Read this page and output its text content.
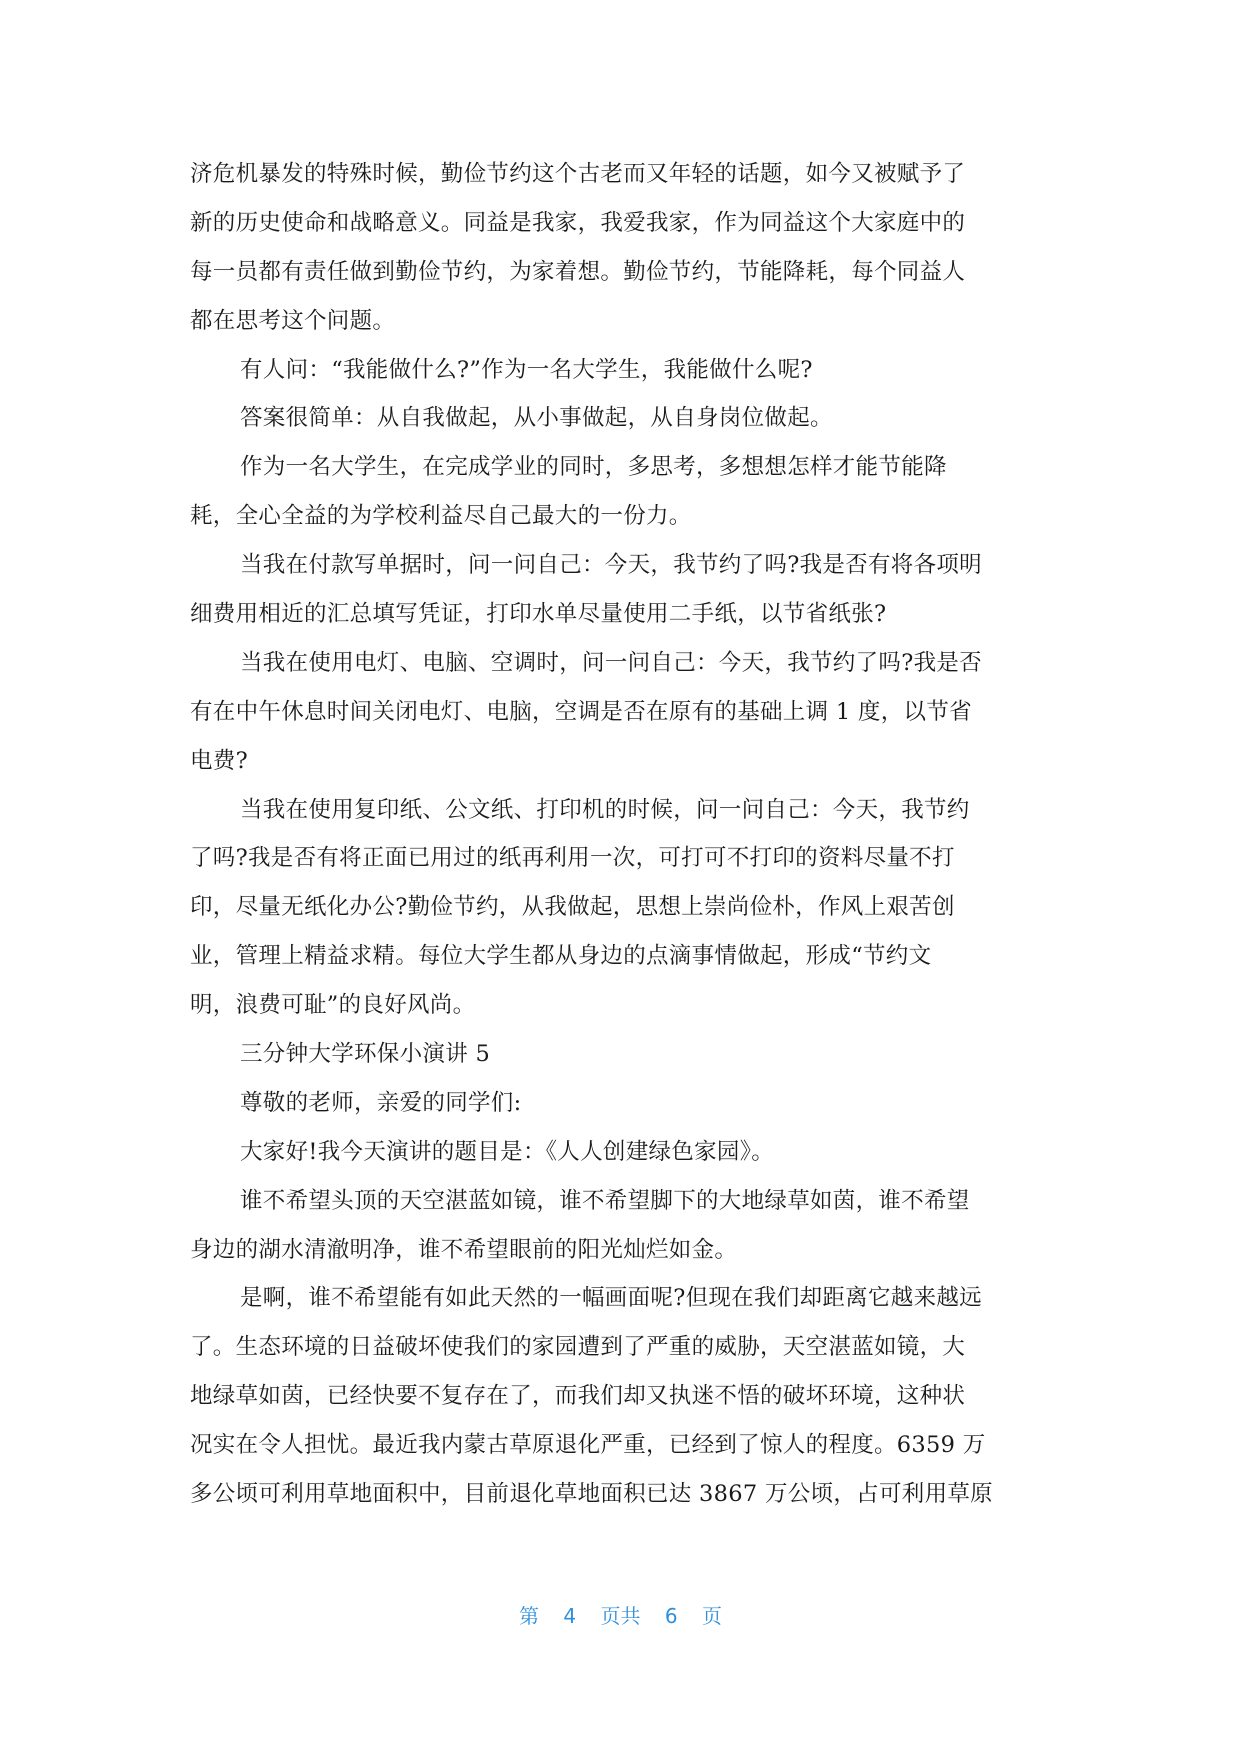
济危机暴发的特殊时候，勤俭节约这个古老而又年轻的话题，如今又被赋予了
新的历史使命和战略意义。同益是我家，我爱我家，作为同益这个大家庭中的
每一员都有责任做到勤俭节约，为家着想。勤俭节约，节能降耗，每个同益人
都在思考这个问题。
有人问：“我能做什么?”作为一名大学生，我能做什么呢?
答案很简单：从自我做起，从小事做起，从自身岗位做起。
作为一名大学生，在完成学业的同时，多思考，多想想怎样才能节能降
耗，全心全益的为学校利益尽自己最大的一份力。
当我在付款写单据时，问一问自己：今天，我节约了吗?我是否有将各项明
细费用相近的汇总填写凭证，打印水单尽量使用二手纸，以节省纸张?
当我在使用电灯、电脑、空调时，问一问自己：今天，我节约了吗?我是否
有在中午休息时间关闭电灯、电脑，空调是否在原有的基础上调 1 度，以节省
电费?
当我在使用复印纸、公文纸、打印机的时候，问一问自己：今天，我节约
了吗?我是否有将正面已用过的纸再利用一次，可打可不打印的资料尽量不打
印，尽量无纸化办公?勤俭节约，从我做起，思想上崇尚俭朴，作风上艰苦创
业，管理上精益求精。每位大学生都从身边的点滴事情做起，形成“节约文
明，浪费可耻”的良好风尚。
三分钟大学环保小演讲 5
尊敬的老师，亲爱的同学们:
大家好!我今天演讲的题目是：《人人创建绿色家园》。
谁不希望头顶的天空湛蓝如镜，谁不希望脚下的大地绿草如茵，谁不希望
身边的湖水清澈明净，谁不希望眼前的阳光灿烂如金。
是啊，谁不希望能有如此天然的一幅画面呢?但现在我们却距离它越来越远
了。生态环境的日益破坏使我们的家园遭到了严重的威胁，天空湛蓝如镜，大
地绿草如茵，已经快要不复存在了，而我们却又执迷不悟的破坏环境，这种状
况实在令人担忧。最近我内蒙古草原退化严重，已经到了惊人的程度。6359 万
多公顷可利用草地面积中，目前退化草地面积已达 3867 万公顷，占可利用草原
第 4 页共 6 页
